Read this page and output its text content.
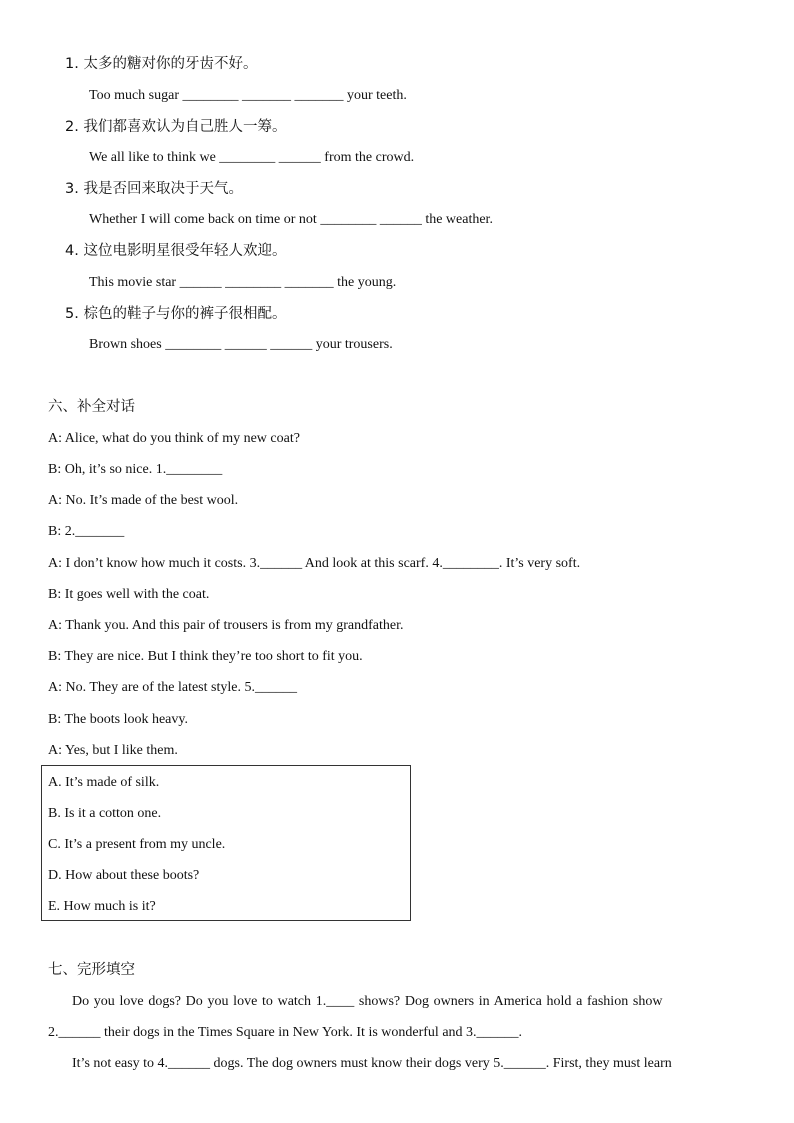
1. 太多的糖对你的牙齿不好。
Too much sugar ________ _______ _______ your teeth.
2. 我们都喜欢认为自己胜人一筹。
We all like to think we ________ ______ from the crowd.
3. 我是否回来取决于天气。
Whether I will come back on time or not ________ ______ the weather.
4. 这位电影明星很受年轻人欢迎。
This movie star ______ ________ _______ the young.
5. 棕色的鞋子与你的裤子很相配。
Brown shoes ________ ______ ______ your trousers.
六、补全对话
A: Alice, what do you think of my new coat?
B: Oh, it’s so nice. 1.________
A: No. It’s made of the best wool.
B: 2._______
A: I don’t know how much it costs. 3.______ And look at this scarf. 4.________. It’s very soft.
B: It goes well with the coat.
A: Thank you. And this pair of trousers is from my grandfather.
B: They are nice. But I think they’re too short to fit you.
A: No. They are of the latest style. 5.______
B: The boots look heavy.
A: Yes, but I like them.
A. It’s made of silk.
B. Is it a cotton one.
C. It’s a present from my uncle.
D. How about these boots?
E. How much is it?
七、完形填空
Do you love dogs? Do you love to watch 1.____ shows? Dog owners in America hold a fashion show
2.______ their dogs in the Times Square in New York. It is wonderful and 3.______.
It’s not easy to 4.______ dogs. The dog owners must know their dogs very 5.______. First, they must learn
